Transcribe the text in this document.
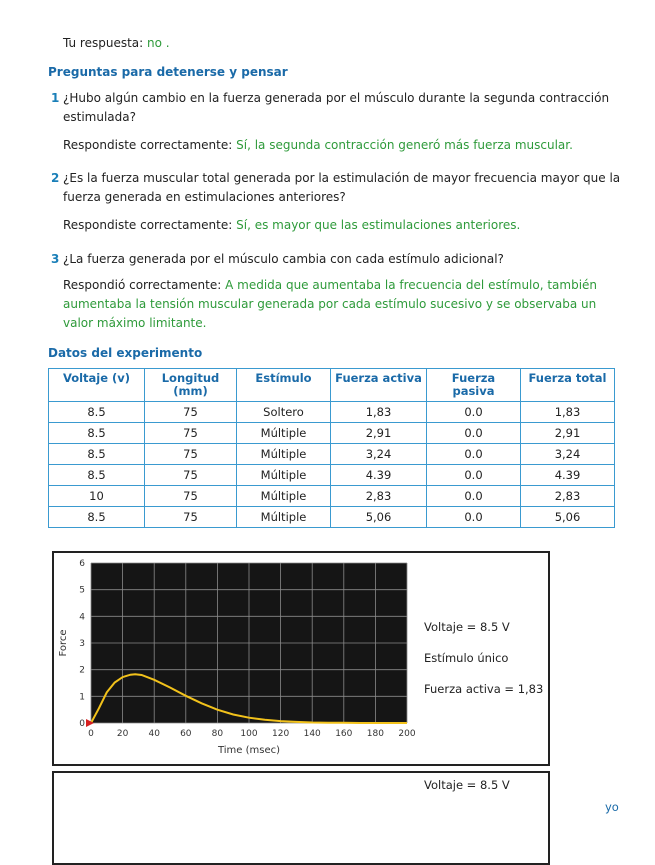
Tu respuesta: no .
Preguntas para detenerse y pensar
1 ¿Hubo algún cambio en la fuerza generada por el músculo durante la segunda contracción
estimulada?
Respondiste correctamente: Sí, la segunda contracción generó más fuerza muscular.
2 ¿Es la fuerza muscular total generada por la estimulación de mayor frecuencia mayor que la
fuerza generada en estimulaciones anteriores?
Respondiste correctamente: Sí, es mayor que las estimulaciones anteriores.
3 ¿La fuerza generada por el músculo cambia con cada estímulo adicional?
Respondió correctamente: A medida que aumentaba la frecuencia del estímulo, también
aumentaba la tensión muscular generada por cada estímulo sucesivo y se observaba un
valor máximo limitante.
Datos del experimento
Voltaje (v)	Longitud (mm)	Estímulo	Fuerza activa	Fuerza pasiva	Fuerza total
8.5	75	Soltero	1,83	0.0	1,83
8.5	75	Múltiple	2,91	0.0	2,91
8.5	75	Múltiple	3,24	0.0	3,24
8.5	75	Múltiple	4.39	0.0	4.39
10	75	Múltiple	2,83	0.0	2,83
8.5	75	Múltiple	5,06	0.0	5,06
0	20 40 60 80 100 120 140 160 180 200
0
1
2
3
4
5
6
Time (msec)
Force
Voltaje = 8.5 V
Estímulo único
Fuerza activa = 1,83
Voltaje = 8.5 V
yo
